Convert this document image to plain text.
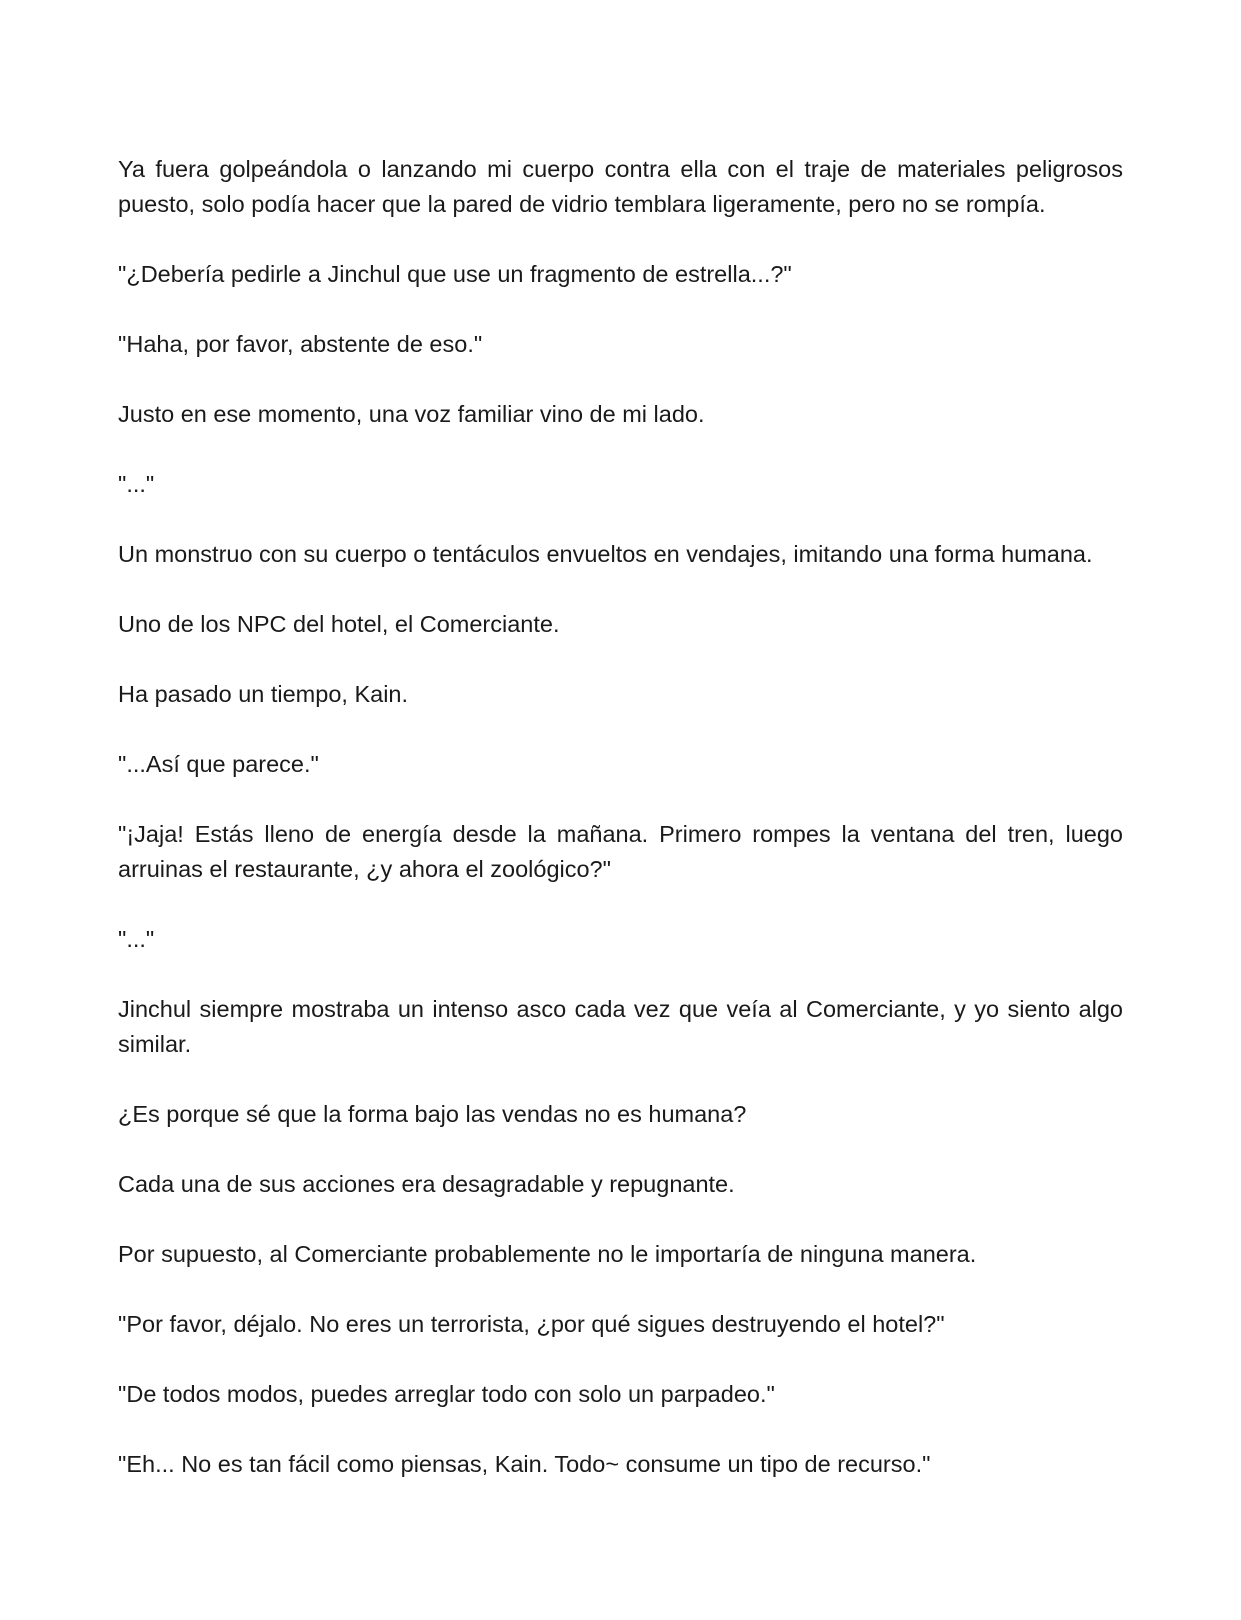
Ya fuera golpeándola o lanzando mi cuerpo contra ella con el traje de materiales peligrosos puesto, solo podía hacer que la pared de vidrio temblara ligeramente, pero no se rompía.

"¿Debería pedirle a Jinchul que use un fragmento de estrella...?"

"Haha, por favor, abstente de eso."

Justo en ese momento, una voz familiar vino de mi lado.

"..."

Un monstruo con su cuerpo o tentáculos envueltos en vendajes, imitando una forma humana.

Uno de los NPC del hotel, el Comerciante.

Ha pasado un tiempo, Kain.

"...Así que parece."

"¡Jaja! Estás lleno de energía desde la mañana. Primero rompes la ventana del tren, luego arruinas el restaurante, ¿y ahora el zoológico?"

"..."

Jinchul siempre mostraba un intenso asco cada vez que veía al Comerciante, y yo siento algo similar.

¿Es porque sé que la forma bajo las vendas no es humana?

Cada una de sus acciones era desagradable y repugnante.

Por supuesto, al Comerciante probablemente no le importaría de ninguna manera.

"Por favor, déjalo. No eres un terrorista, ¿por qué sigues destruyendo el hotel?"

"De todos modos, puedes arreglar todo con solo un parpadeo."

"Eh... No es tan fácil como piensas, Kain. Todo~ consume un tipo de recurso."
